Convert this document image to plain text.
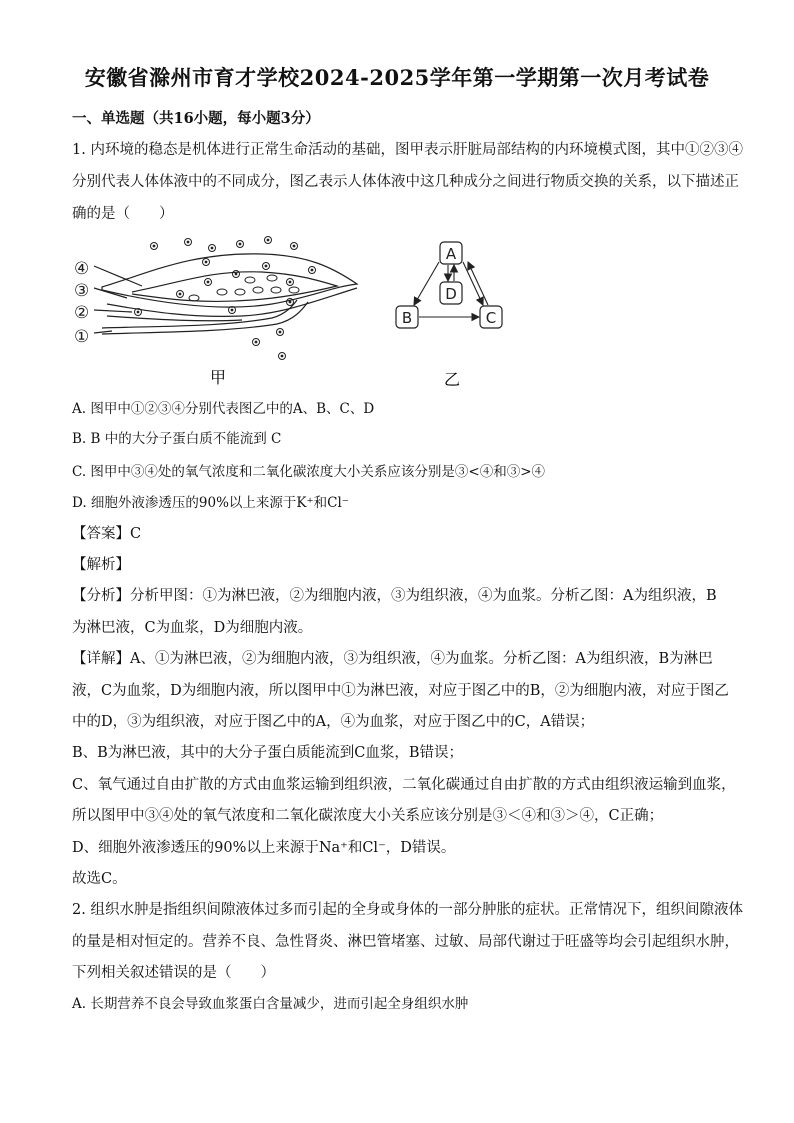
安徽省滁州市育才学校2024-2025学年第一学期第一次月考试卷
一、单选题（共16小题，每小题3分）
1. 内环境的稳态是机体进行正常生命活动的基础，图甲表示肝脏局部结构的内环境模式图，其中①②③④
分别代表人体体液中的不同成分，图乙表示人体体液中这几种成分之间进行物质交换的关系，以下描述正
确的是（　　）
④
③
②
①
甲
A
D
B	C
乙
A. 图甲中①②③④分别代表图乙中的A、B、C、D
B. B 中的大分子蛋白质不能流到 C
C. 图甲中③④处的氧气浓度和二氧化碳浓度大小关系应该分别是③<④和③>④
D. 细胞外液渗透压的90%以上来源于K⁺和Cl⁻
【答案】C
【解析】
【分析】分析甲图：①为淋巴液，②为细胞内液，③为组织液，④为血浆。分析乙图：A为组织液，B
为淋巴液，C为血浆，D为细胞内液。
【详解】A、①为淋巴液，②为细胞内液，③为组织液，④为血浆。分析乙图：A为组织液，B为淋巴
液，C为血浆，D为细胞内液，所以图甲中①为淋巴液，对应于图乙中的B，②为细胞内液，对应于图乙
中的D，③为组织液，对应于图乙中的A，④为血浆，对应于图乙中的C，A错误；
B、B为淋巴液，其中的大分子蛋白质能流到C血浆，B错误；
C、氧气通过自由扩散的方式由血浆运输到组织液，二氧化碳通过自由扩散的方式由组织液运输到血浆，
所以图甲中③④处的氧气浓度和二氧化碳浓度大小关系应该分别是③＜④和③＞④，C正确；
D、细胞外液渗透压的90%以上来源于Na⁺和Cl⁻，D错误。
故选C。
2. 组织水肿是指组织间隙液体过多而引起的全身或身体的一部分肿胀的症状。正常情况下，组织间隙液体
的量是相对恒定的。营养不良、急性肾炎、淋巴管堵塞、过敏、局部代谢过于旺盛等均会引起组织水肿，
下列相关叙述错误的是（　　）
A. 长期营养不良会导致血浆蛋白含量减少，进而引起全身组织水肿
